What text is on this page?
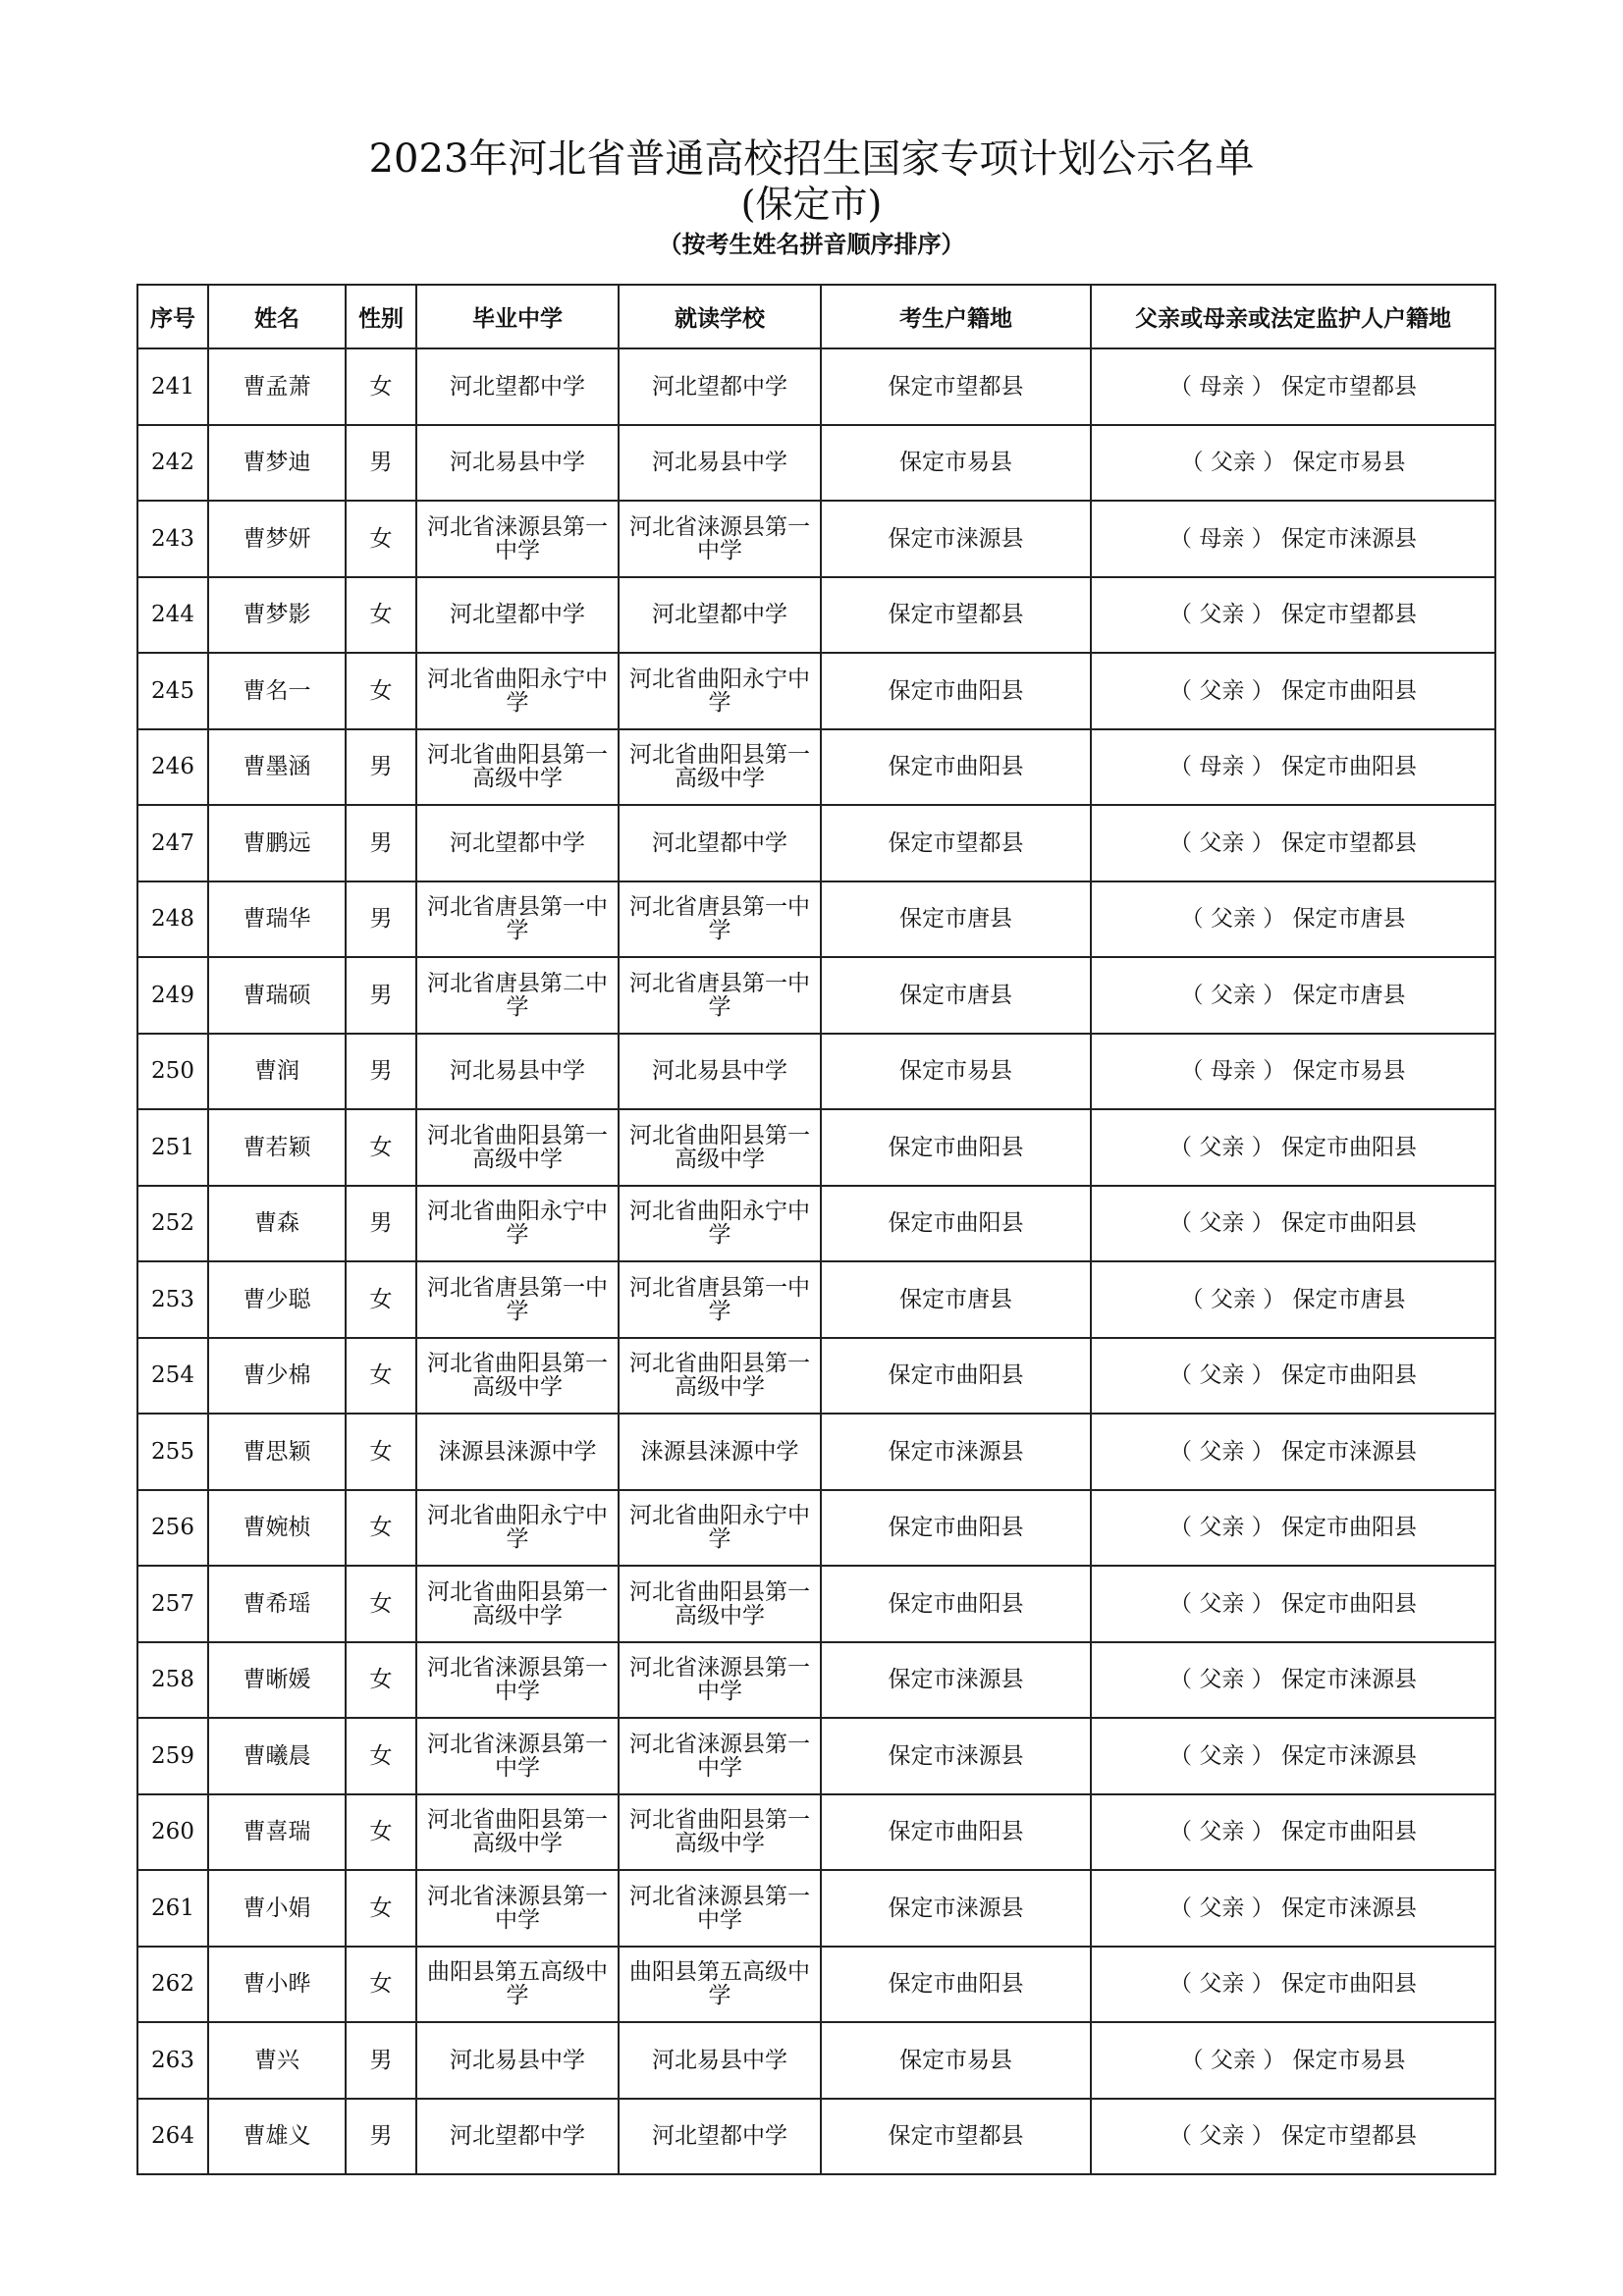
2023年河北省普通高校招生国家专项计划公示名单
(保定市)
（按考生姓名拼音顺序排序）
序号	姓名	性别	毕业中学	就读学校	考生户籍地	父亲或母亲或法定监护人户籍地
241	曹孟萧	女	河北望都中学	河北望都中学	保定市望都县	（ 母亲 ） 保定市望都县
242	曹梦迪	男	河北易县中学	河北易县中学	保定市易县	（ 父亲 ） 保定市易县
243	曹梦妍	女	河北省涞源县第一中学	河北省涞源县第一中学	保定市涞源县	（ 母亲 ） 保定市涞源县
244	曹梦影	女	河北望都中学	河北望都中学	保定市望都县	（ 父亲 ） 保定市望都县
245	曹名一	女	河北省曲阳永宁中学	河北省曲阳永宁中学	保定市曲阳县	（ 父亲 ） 保定市曲阳县
246	曹墨涵	男	河北省曲阳县第一高级中学	河北省曲阳县第一高级中学	保定市曲阳县	（ 母亲 ） 保定市曲阳县
247	曹鹏远	男	河北望都中学	河北望都中学	保定市望都县	（ 父亲 ） 保定市望都县
248	曹瑞华	男	河北省唐县第一中学	河北省唐县第一中学	保定市唐县	（ 父亲 ） 保定市唐县
249	曹瑞硕	男	河北省唐县第二中学	河北省唐县第一中学	保定市唐县	（ 父亲 ） 保定市唐县
250	曹润	男	河北易县中学	河北易县中学	保定市易县	（ 母亲 ） 保定市易县
251	曹若颖	女	河北省曲阳县第一高级中学	河北省曲阳县第一高级中学	保定市曲阳县	（ 父亲 ） 保定市曲阳县
252	曹森	男	河北省曲阳永宁中学	河北省曲阳永宁中学	保定市曲阳县	（ 父亲 ） 保定市曲阳县
253	曹少聪	女	河北省唐县第一中学	河北省唐县第一中学	保定市唐县	（ 父亲 ） 保定市唐县
254	曹少棉	女	河北省曲阳县第一高级中学	河北省曲阳县第一高级中学	保定市曲阳县	（ 父亲 ） 保定市曲阳县
255	曹思颖	女	涞源县涞源中学	涞源县涞源中学	保定市涞源县	（ 父亲 ） 保定市涞源县
256	曹婉桢	女	河北省曲阳永宁中学	河北省曲阳永宁中学	保定市曲阳县	（ 父亲 ） 保定市曲阳县
257	曹希瑶	女	河北省曲阳县第一高级中学	河北省曲阳县第一高级中学	保定市曲阳县	（ 父亲 ） 保定市曲阳县
258	曹晰媛	女	河北省涞源县第一中学	河北省涞源县第一中学	保定市涞源县	（ 父亲 ） 保定市涞源县
259	曹曦晨	女	河北省涞源县第一中学	河北省涞源县第一中学	保定市涞源县	（ 父亲 ） 保定市涞源县
260	曹喜瑞	女	河北省曲阳县第一高级中学	河北省曲阳县第一高级中学	保定市曲阳县	（ 父亲 ） 保定市曲阳县
261	曹小娟	女	河北省涞源县第一中学	河北省涞源县第一中学	保定市涞源县	（ 父亲 ） 保定市涞源县
262	曹小晔	女	曲阳县第五高级中学	曲阳县第五高级中学	保定市曲阳县	（ 父亲 ） 保定市曲阳县
263	曹兴	男	河北易县中学	河北易县中学	保定市易县	（ 父亲 ） 保定市易县
264	曹雄义	男	河北望都中学	河北望都中学	保定市望都县	（ 父亲 ） 保定市望都县
